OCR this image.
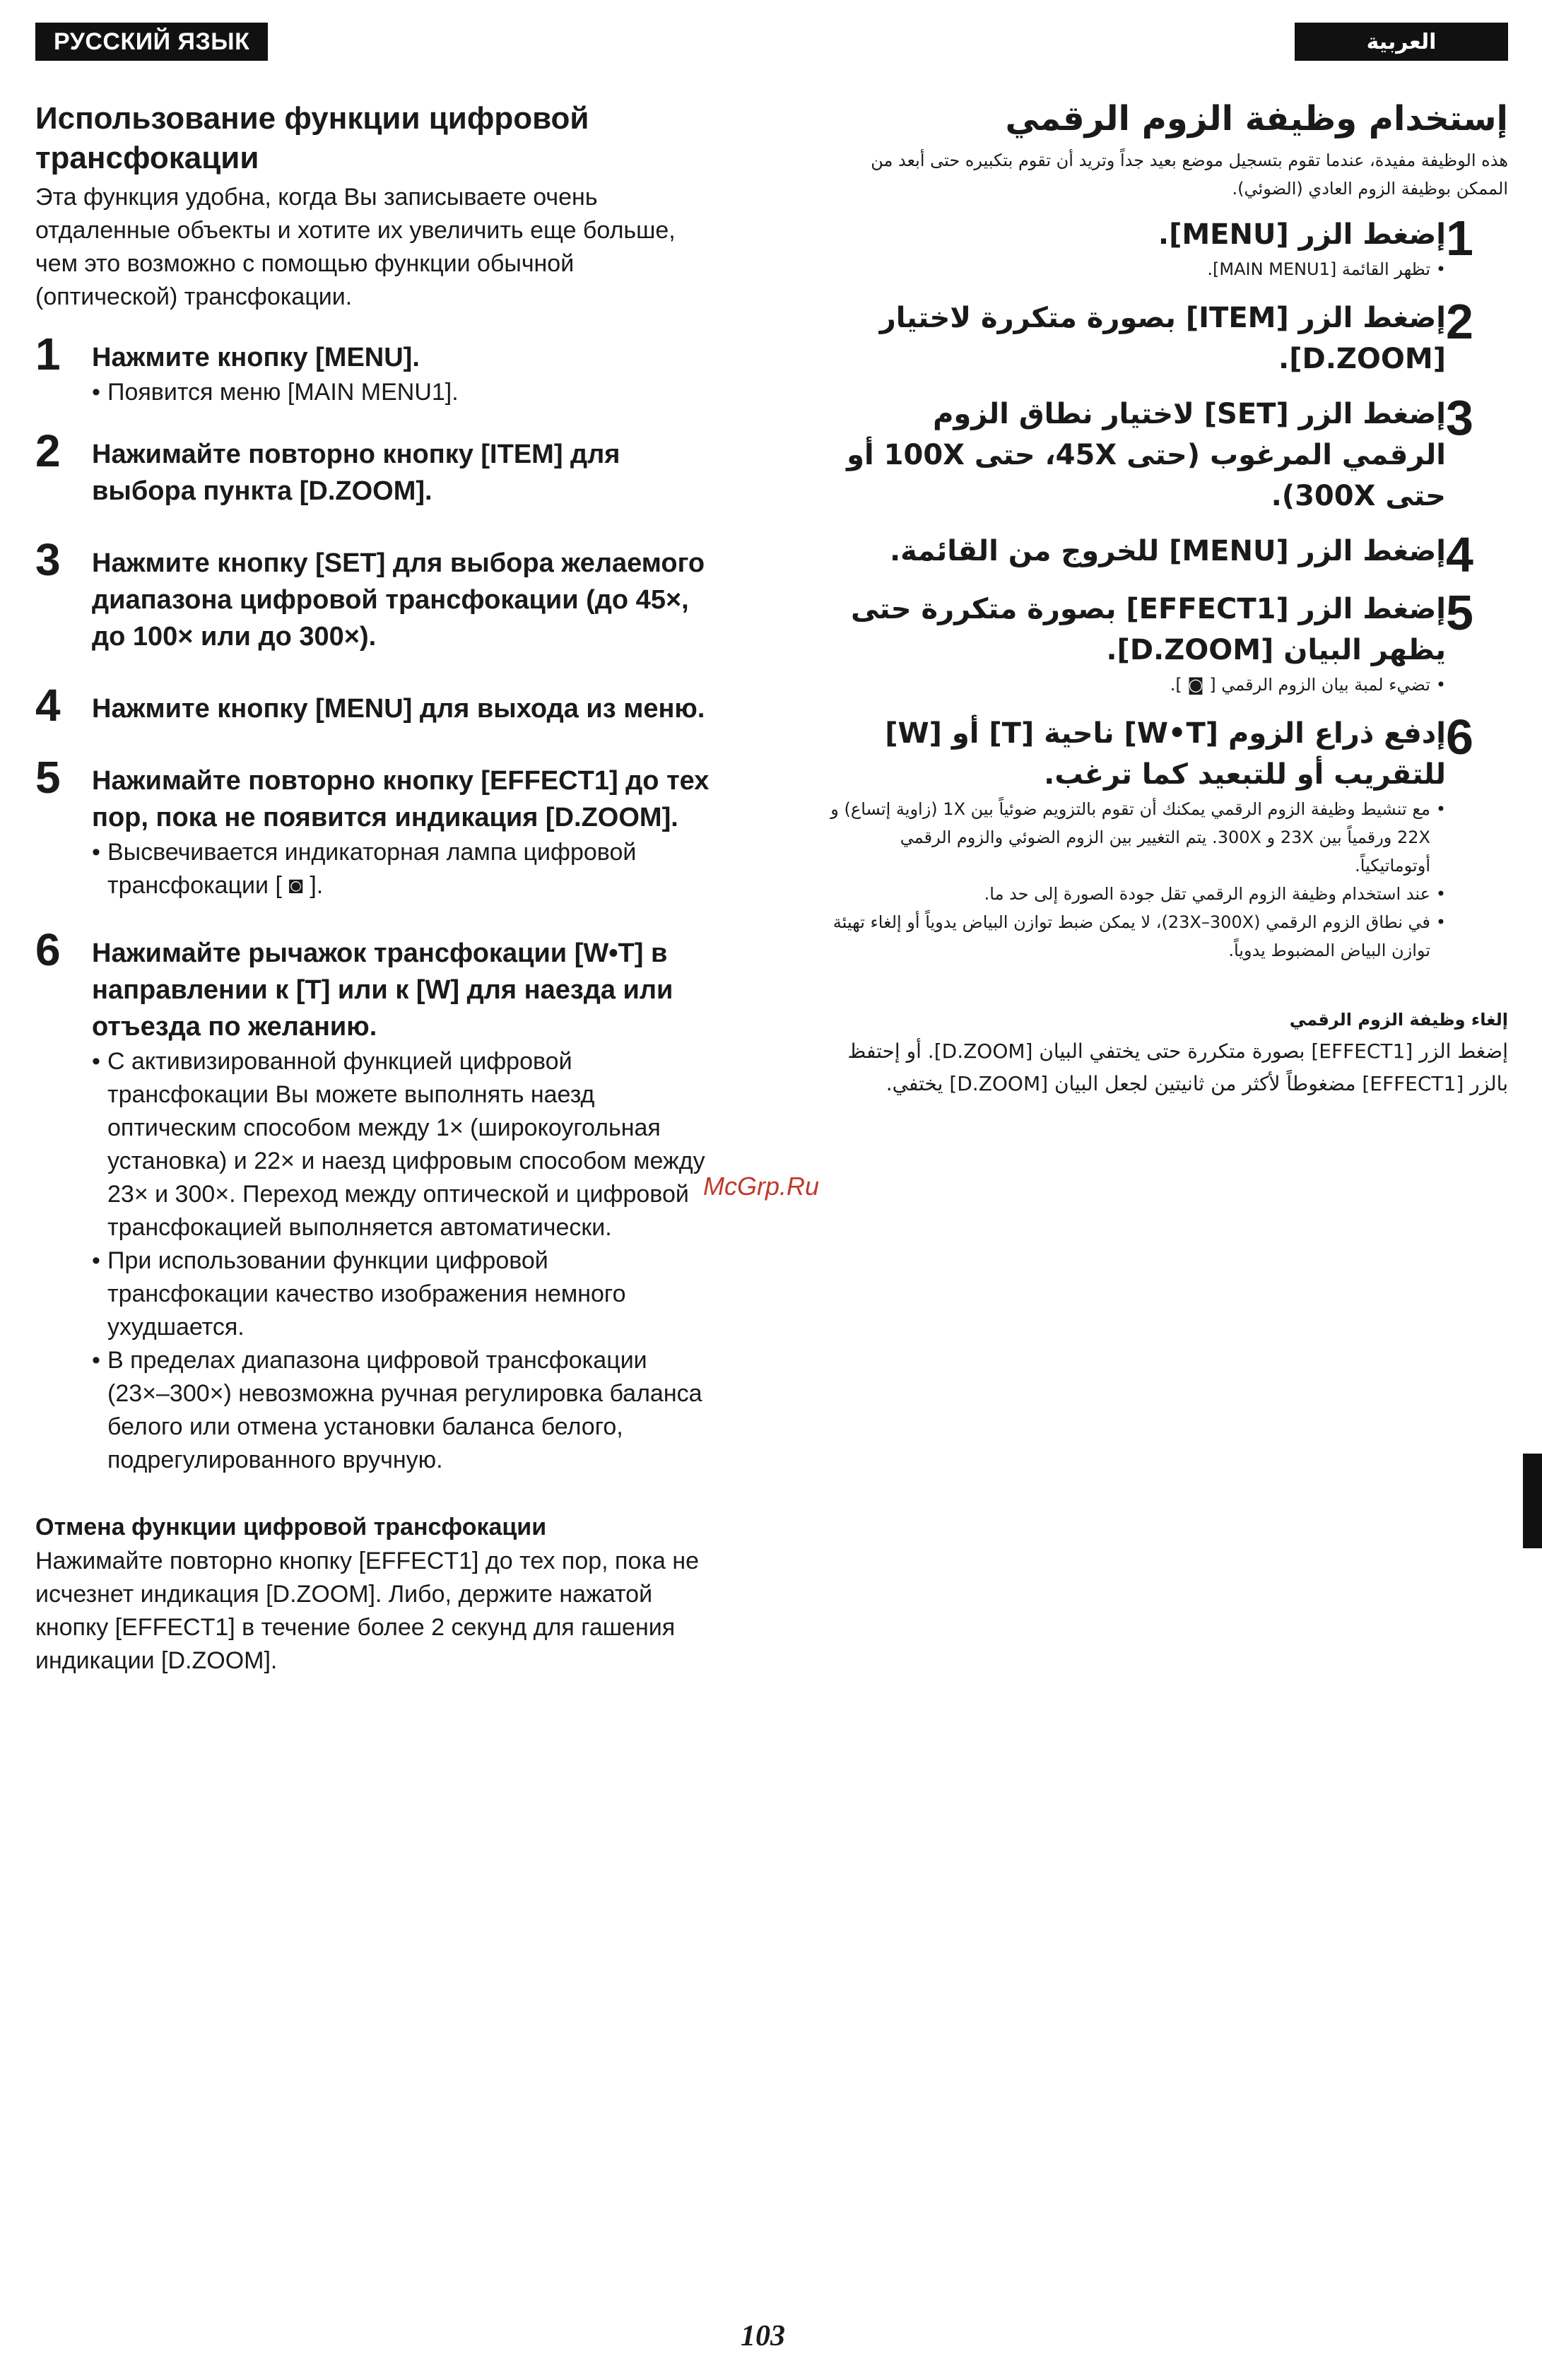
РУССКИЙ ЯЗЫК	العربية
Использование функции цифровой трансфокации

Эта функция удобна, когда Вы записываете очень отдаленные объекты и хотите их увеличить еще больше, чем это возможно с помощью функции обычной (оптической) трансфокации.

1	Нажмите кнопку [MENU].
• Появится меню [MAIN MENU1].
2	Нажимайте повторно кнопку [ITEM] для выбора пункта [D.ZOOM].
3	Нажмите кнопку [SET] для выбора желаемого диапазона цифровой трансфокации (до 45×, до 100× или до 300×).
4	Нажмите кнопку [MENU] для выхода из меню.
5	Нажимайте повторно кнопку [EFFECT1] до тех пор, пока не появится индикация [D.ZOOM].
• Высвечивается индикаторная лампа цифровой трансфокации [ ◙ ].
6	Нажимайте рычажок трансфокации [W•T] в направлении к [T] или к [W] для наезда или отъезда по желанию.
• С активизированной функцией цифровой трансфокации Вы можете выполнять наезд оптическим способом между 1× (широкоугольная установка) и 22× и наезд цифровым способом между 23× и 300×. Переход между оптической и цифровой трансфокацией выполняется автоматически.
• При использовании функции цифровой трансфокации качество изображения немного ухудшается.
• В пределах диапазона цифровой трансфокации (23×–300×) невозможна ручная регулировка баланса белого или отмена установки баланса белого, подрегулированного вручную.
Отмена функции цифровой трансфокации

Нажимайте повторно кнопку [EFFECT1] до тех пор, пока не исчезнет индикация [D.ZOOM]. Либо, держите нажатой кнопку [EFFECT1] в течение более 2 секунд для гашения индикации [D.ZOOM].

McGrp.Ru
إستخدام وظيفة الزوم الرقمي

هذه الوظيفة مفيدة، عندما تقوم بتسجيل موضع بعيد جداً وتريد أن تقوم بتكبيره حتى أبعد من الممكن بوظيفة الزوم العادي (الضوئي).

1
إضغط الزر [MENU].
•
تظهر القائمة [MAIN MENU1].
2
إضغط الزر [ITEM] بصورة متكررة لاختيار [D.ZOOM].
3
إضغط الزر [SET] لاختيار نطاق الزوم الرقمي المرغوب (حتى 45X، حتى 100X أو حتى 300X).
4
إضغط الزر [MENU] للخروج من القائمة.
5
إضغط الزر [EFFECT1] بصورة متكررة حتى يظهر البيان [D.ZOOM].
•
تضيء لمبة بيان الزوم الرقمي [ ◙ ].
6
إدفع ذراع الزوم [W•T] ناحية [T] أو [W] للتقريب أو للتبعيد كما ترغب.
•
مع تنشيط وظيفة الزوم الرقمي يمكنك أن تقوم بالتزويم ضوئياً بين 1X (زاوية إتساع) و 22X ورقمياً بين 23X و 300X. يتم التغيير بين الزوم الضوئي والزوم الرقمي أوتوماتيكياً.
•
عند استخدام وظيفة الزوم الرقمي تقل جودة الصورة إلى حد ما.
•
في نطاق الزوم الرقمي (23X–300X)، لا يمكن ضبط توازن البياض يدوياً أو إلغاء تهيئة توازن البياض المضبوط يدوياً.
إلغاء وظيفة الزوم الرقمي

إضغط الزر [EFFECT1] بصورة متكررة حتى يختفي البيان [D.ZOOM]. أو إحتفظ بالزر [EFFECT1] مضغوطاً لأكثر من ثانيتين لجعل البيان [D.ZOOM] يختفي.

103
